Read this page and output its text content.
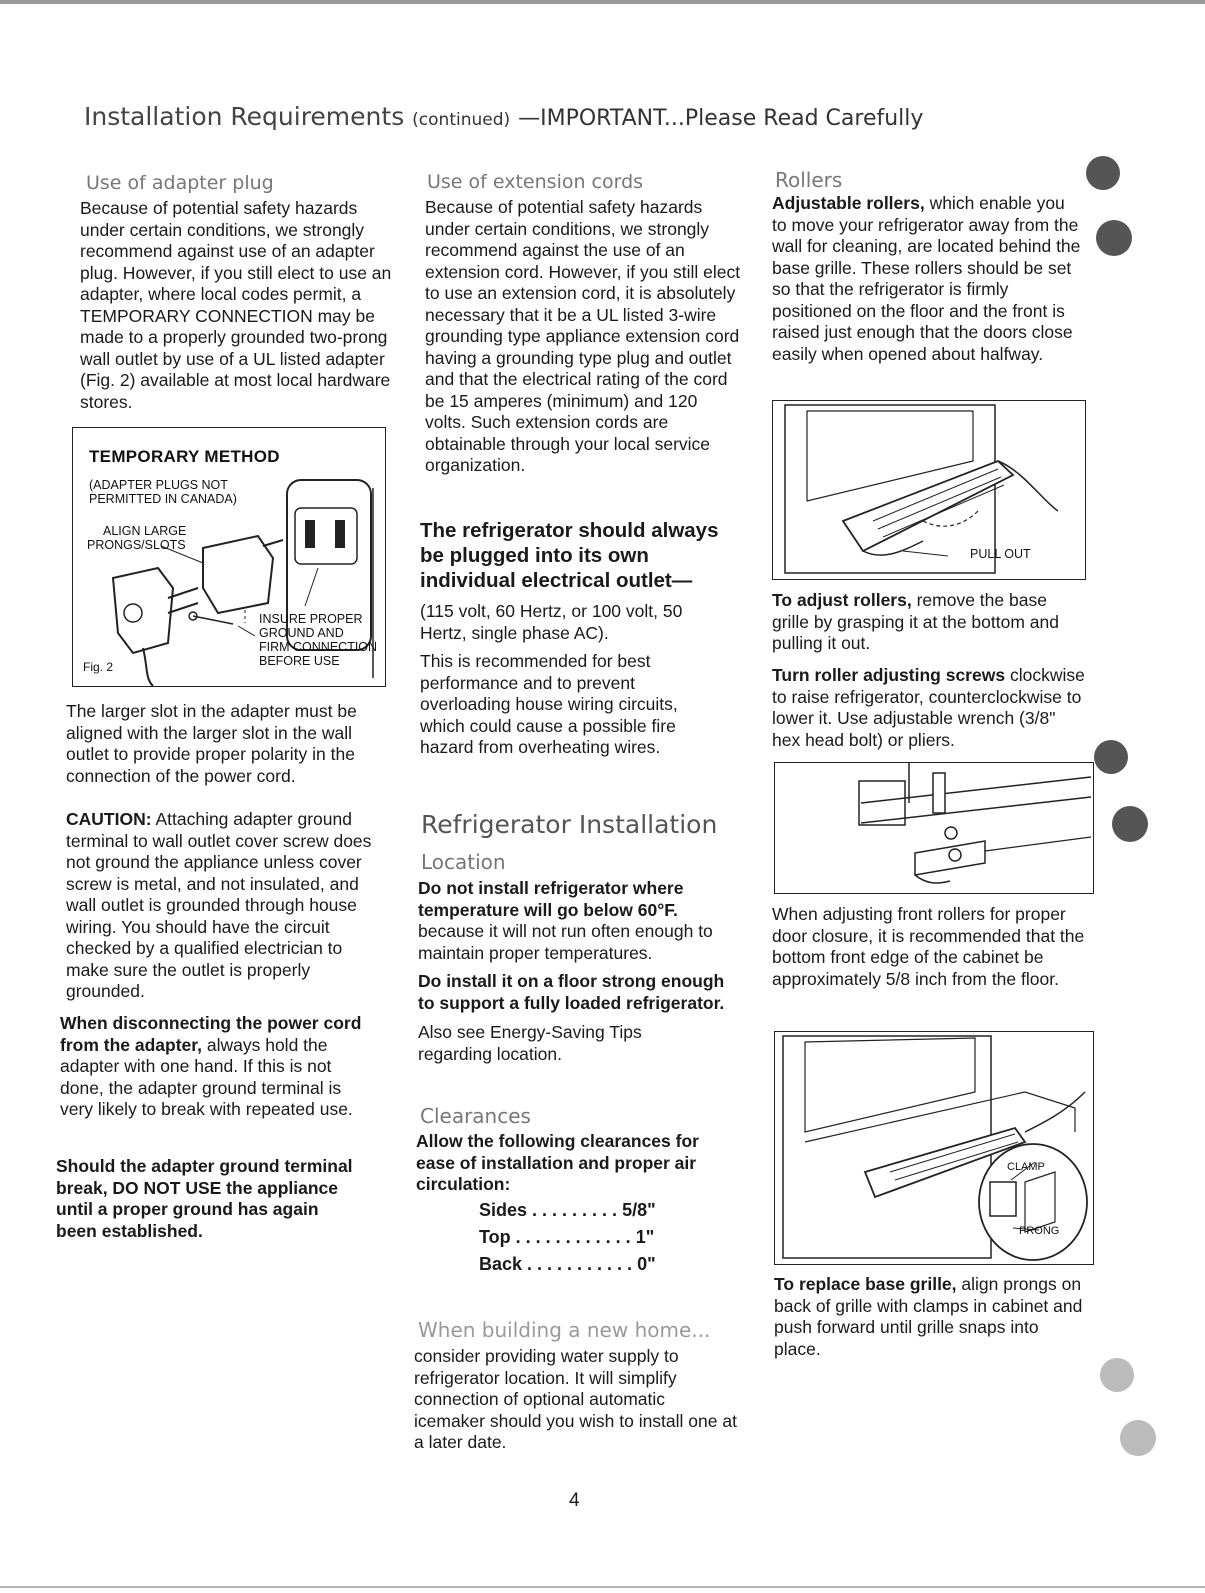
Installation Requirements (continued) —IMPORTANT...Please Read Carefully
Use of adapter plug
Because of potential safety hazards under certain conditions, we strongly recommend against use of an adapter plug. However, if you still elect to use an adapter, where local codes permit, a TEMPORARY CONNECTION may be made to a properly grounded two-prong wall outlet by use of a UL listed adapter (Fig. 2) available at most local hardware stores.
TEMPORARY METHOD
(ADAPTER PLUGS NOT
PERMITTED IN CANADA)
ALIGN LARGE
PRONGS/SLOTS
INSURE PROPER
GROUND AND
FIRM CONNECTION
BEFORE USE
Fig. 2
The larger slot in the adapter must be aligned with the larger slot in the wall outlet to provide proper polarity in the connection of the power cord.
CAUTION: Attaching adapter ground terminal to wall outlet cover screw does not ground the appliance unless cover screw is metal, and not insulated, and wall outlet is grounded through house wiring. You should have the circuit checked by a qualified electrician to make sure the outlet is properly grounded.
When disconnecting the power cord from the adapter, always hold the adapter with one hand. If this is not done, the adapter ground terminal is very likely to break with repeated use.
Should the adapter ground terminal break, DO NOT USE the appliance until a proper ground has again been established.
Use of extension cords
Because of potential safety hazards under certain conditions, we strongly recommend against the use of an extension cord. However, if you still elect to use an extension cord, it is absolutely necessary that it be a UL listed 3-wire grounding type appliance extension cord having a grounding type plug and outlet and that the electrical rating of the cord be 15 amperes (minimum) and 120 volts. Such extension cords are obtainable through your local service organization.
The refrigerator should always be plugged into its own individual electrical outlet—
(115 volt, 60 Hertz, or 100 volt, 50 Hertz, single phase AC).
This is recommended for best performance and to prevent overloading house wiring circuits, which could cause a possible fire hazard from overheating wires.
Refrigerator Installation
Location
Do not install refrigerator where temperature will go below 60°F. because it will not run often enough to maintain proper temperatures.
Do install it on a floor strong enough to support a fully loaded refrigerator.
Also see Energy-Saving Tips regarding location.
Clearances
Allow the following clearances for ease of installation and proper air circulation:
Sides . . . . . . . . . 5/8"
Top . . . . . . . . . . . . 1"
Back . . . . . . . . . . . 0"
When building a new home...
consider providing water supply to refrigerator location. It will simplify connection of optional automatic icemaker should you wish to install one at a later date.
Rollers
Adjustable rollers, which enable you to move your refrigerator away from the wall for cleaning, are located behind the base grille. These rollers should be set so that the refrigerator is firmly positioned on the floor and the front is raised just enough that the doors close easily when opened about halfway.
PULL OUT
To adjust rollers, remove the base grille by grasping it at the bottom and pulling it out.
Turn roller adjusting screws clockwise to raise refrigerator, counterclockwise to lower it. Use adjustable wrench (3/8" hex head bolt) or pliers.
When adjusting front rollers for proper door closure, it is recommended that the bottom front edge of the cabinet be approximately 5/8 inch from the floor.
CLAMP
PRONG
To replace base grille, align prongs on back of grille with clamps in cabinet and push forward until grille snaps into place.
4
